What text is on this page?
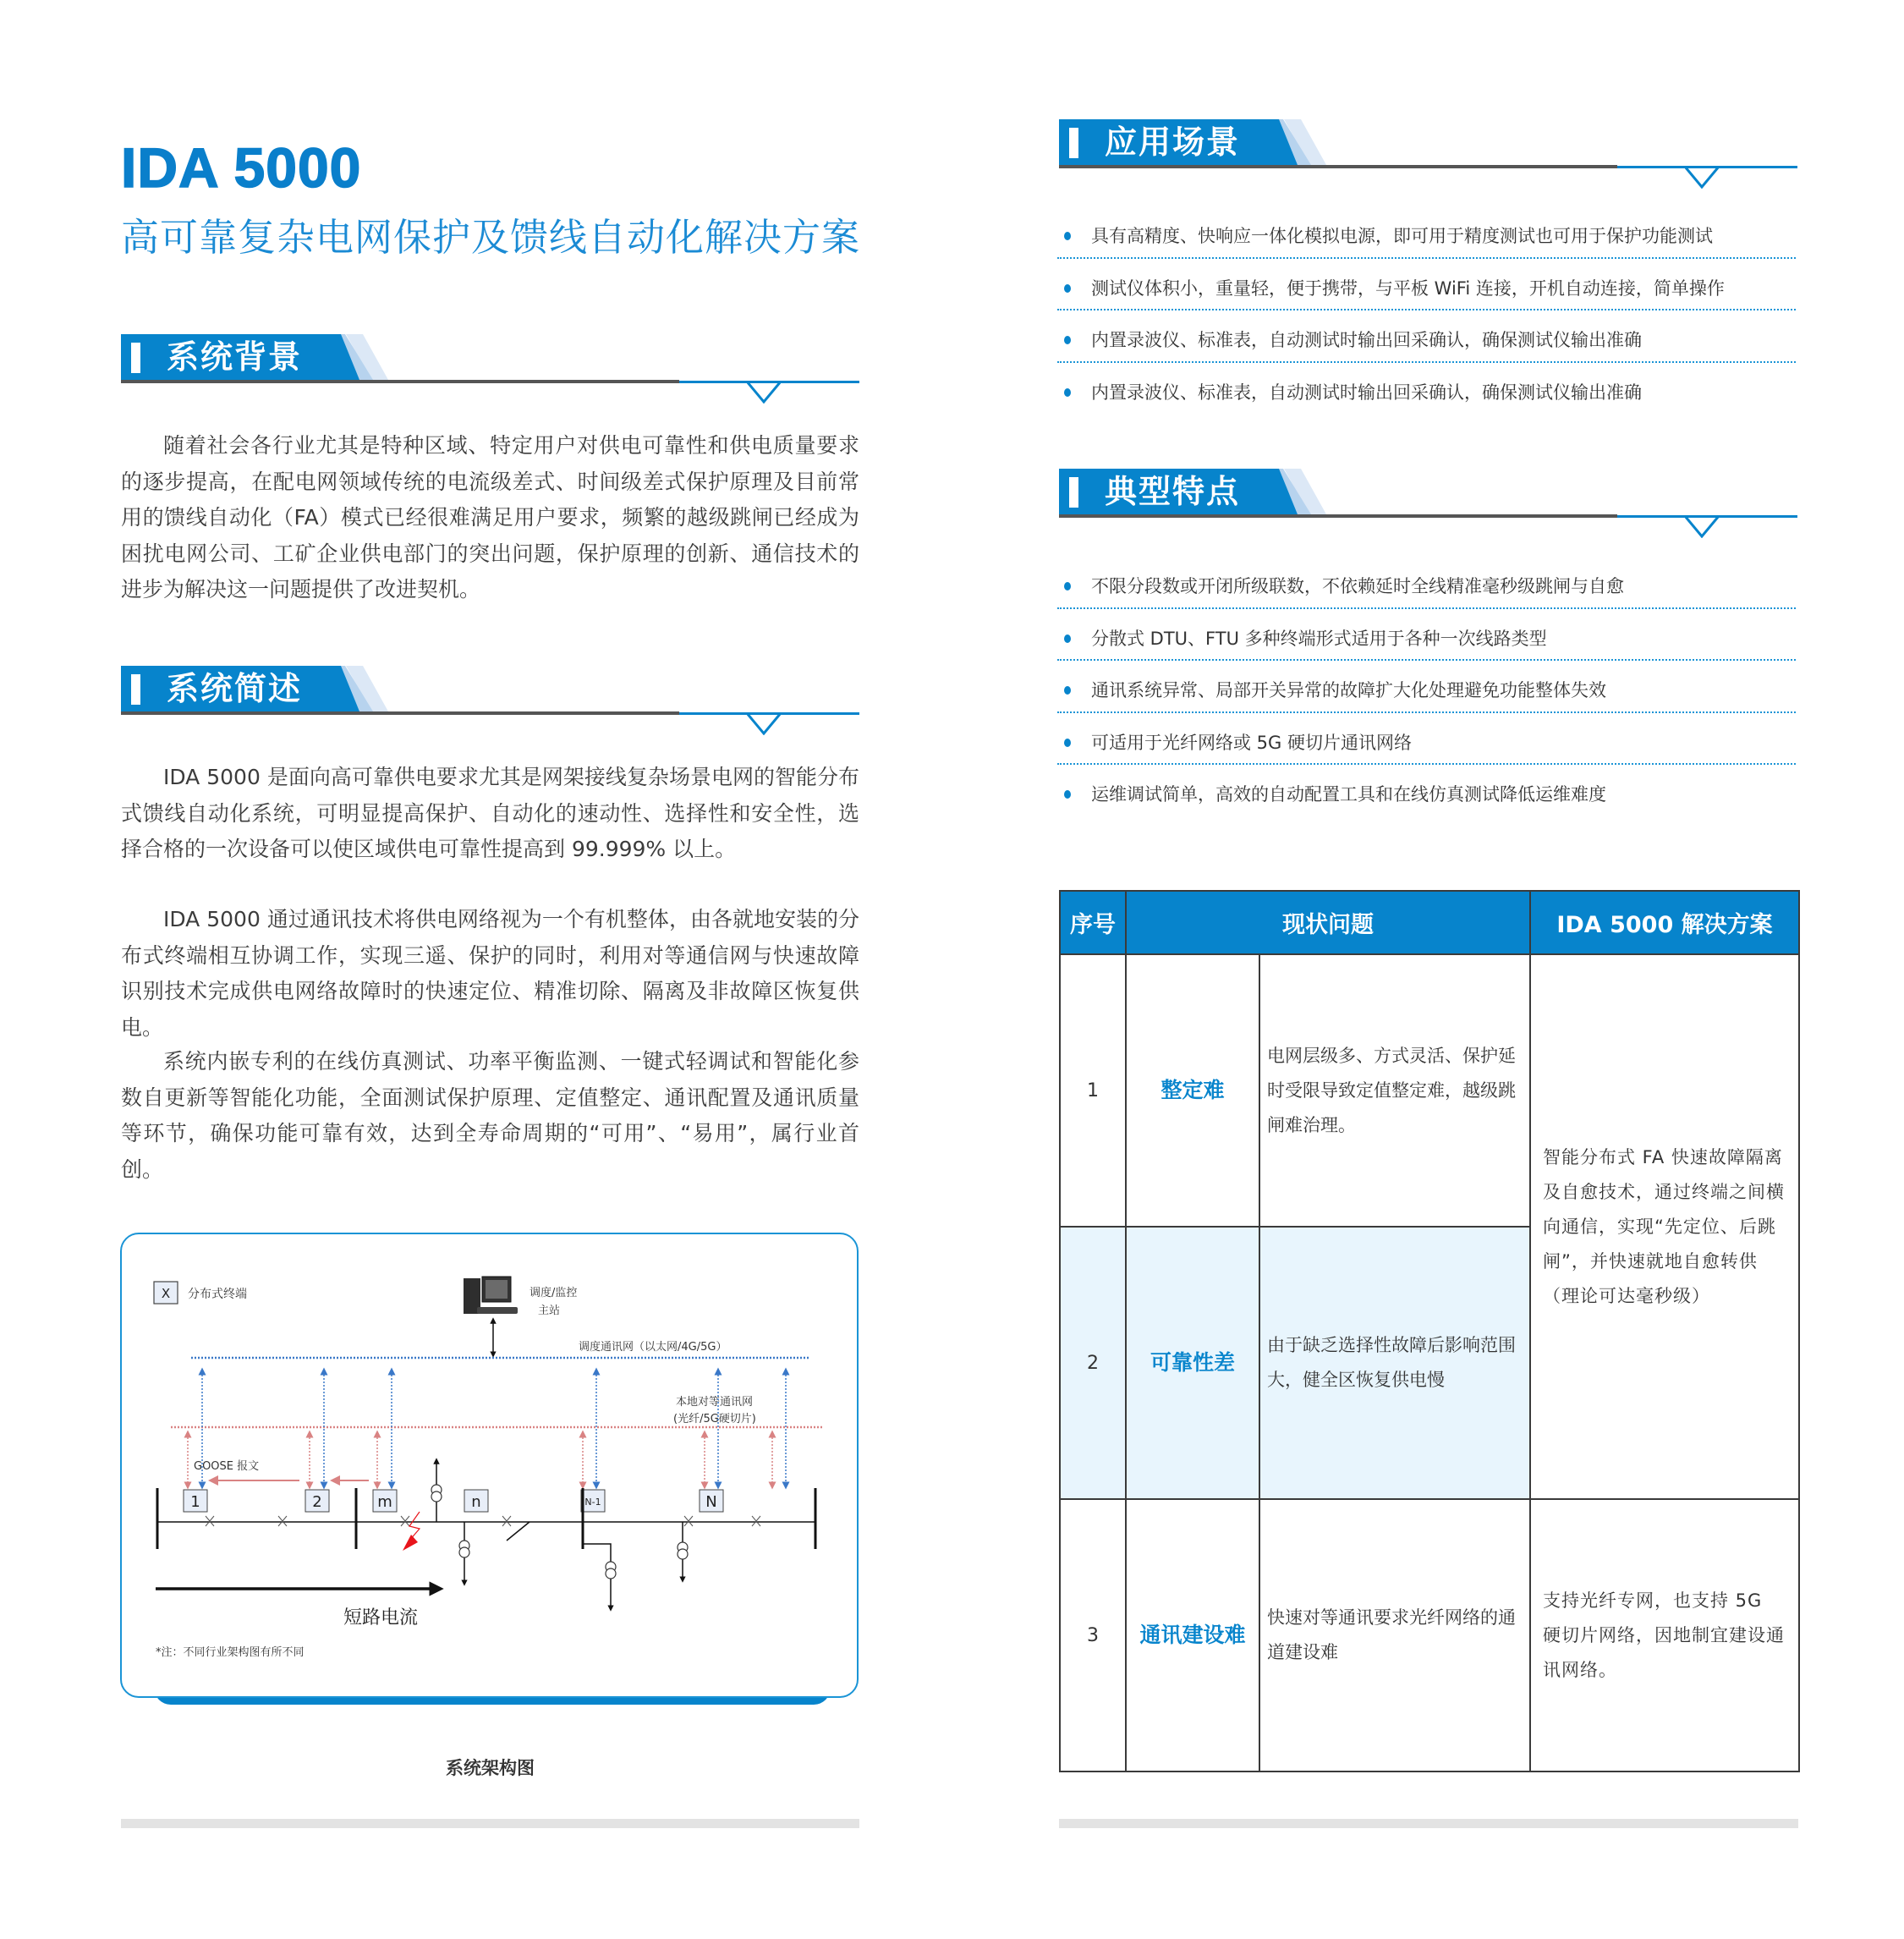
IDA 5000
高可靠复杂电网保护及馈线自动化解决方案
系统背景
随着社会各行业尤其是特种区域、特定用户对供电可靠性和供电质量要求的逐步提高，在配电网领域传统的电流级差式、时间级差式保护原理及目前常用的馈线自动化（FA）模式已经很难满足用户要求，频繁的越级跳闸已经成为困扰电网公司、工矿企业供电部门的突出问题，保护原理的创新、通信技术的进步为解决这一问题提供了改进契机。
系统简述
IDA 5000 是面向高可靠供电要求尤其是网架接线复杂场景电网的智能分布式馈线自动化系统，可明显提高保护、自动化的速动性、选择性和安全性，选择合格的一次设备可以使区域供电可靠性提高到 99.999% 以上。
IDA 5000 通过通讯技术将供电网络视为一个有机整体，由各就地安装的分布式终端相互协调工作，实现三遥、保护的同时，利用对等通信网与快速故障识别技术完成供电网络故障时的快速定位、精准切除、隔离及非故障区恢复供电。
系统内嵌专利的在线仿真测试、功率平衡监测、一键式轻调试和智能化参数自更新等智能化功能，全面测试保护原理、定值整定、通讯配置及通讯质量等环节，确保功能可靠有效，达到全寿命周期的“可用”、“易用”，属行业首创。
X 分布式终端	调度/监控
主站
调度通讯网（以太网/4G/5G）
本地对等通讯网
(光纤/5G硬切片)
GOOSE 报文
1	2	m	N
N-1
n
短路电流
*注：不同行业架构图有所不同
系统架构图
应用场景
具有高精度、快响应一体化模拟电源，即可用于精度测试也可用于保护功能测试
测试仪体积小，重量轻，便于携带，与平板 WiFi 连接，开机自动连接，简单操作
内置录波仪、标准表，自动测试时输出回采确认，确保测试仪输出准确
内置录波仪、标准表，自动测试时输出回采确认，确保测试仪输出准确
典型特点
不限分段数或开闭所级联数，不依赖延时全线精准毫秒级跳闸与自愈
分散式 DTU、FTU 多种终端形式适用于各种一次线路类型
通讯系统异常、局部开关异常的故障扩大化处理避免功能整体失效
可适用于光纤网络或 5G 硬切片通讯网络
运维调试简单，高效的自动配置工具和在线仿真测试降低运维难度
序号	现状问题		IDA 5000 解决方案
1	整定难	电网层级多、方式灵活、保护延时受限导致定值整定难，越级跳闸难治理。	智能分布式 FA 快速故障隔离及自愈技术，通过终端之间横向通信，实现“先定位、后跳闸”，并快速就地自愈转供（理论可达毫秒级）
2	可靠性差	由于缺乏选择性故障后影响范围大，健全区恢复供电慢	
3	通讯建设难	快速对等通讯要求光纤网络的通道建设难	支持光纤专网，也支持 5G 硬切片网络，因地制宜建设通讯网络。
